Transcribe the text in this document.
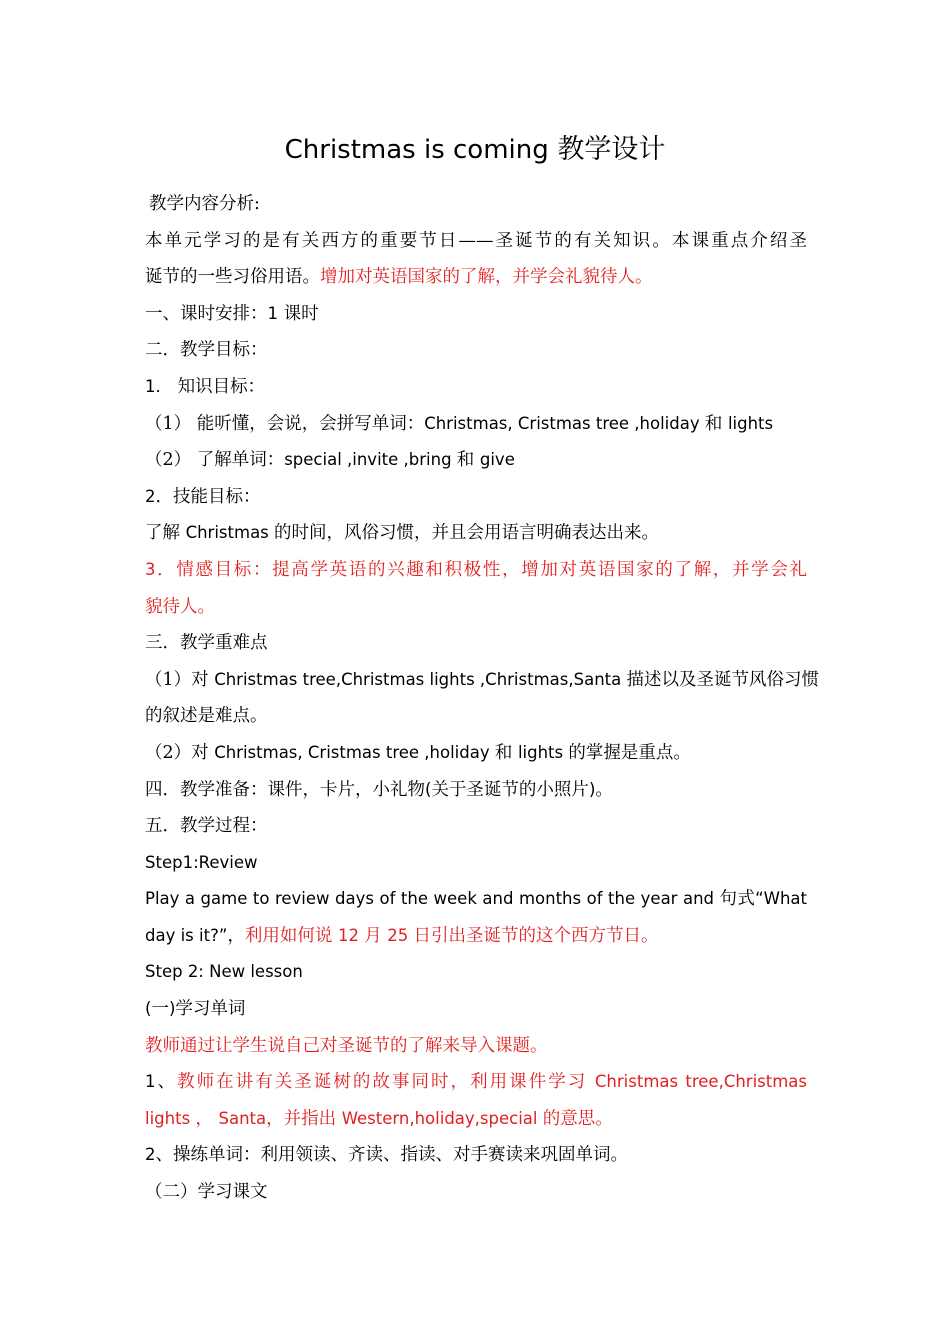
Christmas is coming 教学设计
教学内容分析:
本单元学习的是有关西方的重要节日——圣诞节的有关知识。本课重点介绍圣
诞节的一些习俗用语。增加对英语国家的了解，并学会礼貌待人。
一、课时安排：1 课时
二．教学目标：
1． 知识目标：
（1） 能听懂，会说，会拼写单词：Christmas, Cristmas tree ,holiday 和 lights
（2） 了解单词：special ,invite ,bring 和 give
2．技能目标：
了解 Christmas 的时间，风俗习惯，并且会用语言明确表达出来。
3．情感目标：提高学英语的兴趣和积极性，增加对英语国家的了解，并学会礼
貌待人。
三．教学重难点
（1）对 Christmas tree,Christmas lights ,Christmas,Santa 描述以及圣诞节风俗习惯
的叙述是难点。
（2）对 Christmas, Cristmas tree ,holiday 和 lights 的掌握是重点。
四．教学准备：课件，卡片，小礼物(关于圣诞节的小照片)。
五．教学过程：
Step1:Review
Play a game to review days of the week and months of the year and 句式“What
day is it?”，利用如何说 12 月 25 日引出圣诞节的这个西方节日。
Step 2: New lesson
(一)学习单词
教师通过让学生说自己对圣诞节的了解来导入课题。
1、教师在讲有关圣诞树的故事同时，利用课件学习 Christmas tree,Christmas
lights ， Santa，并指出 Western,holiday,special 的意思。
2、操练单词：利用领读、齐读、指读、对手赛读来巩固单词。
（二）学习课文
